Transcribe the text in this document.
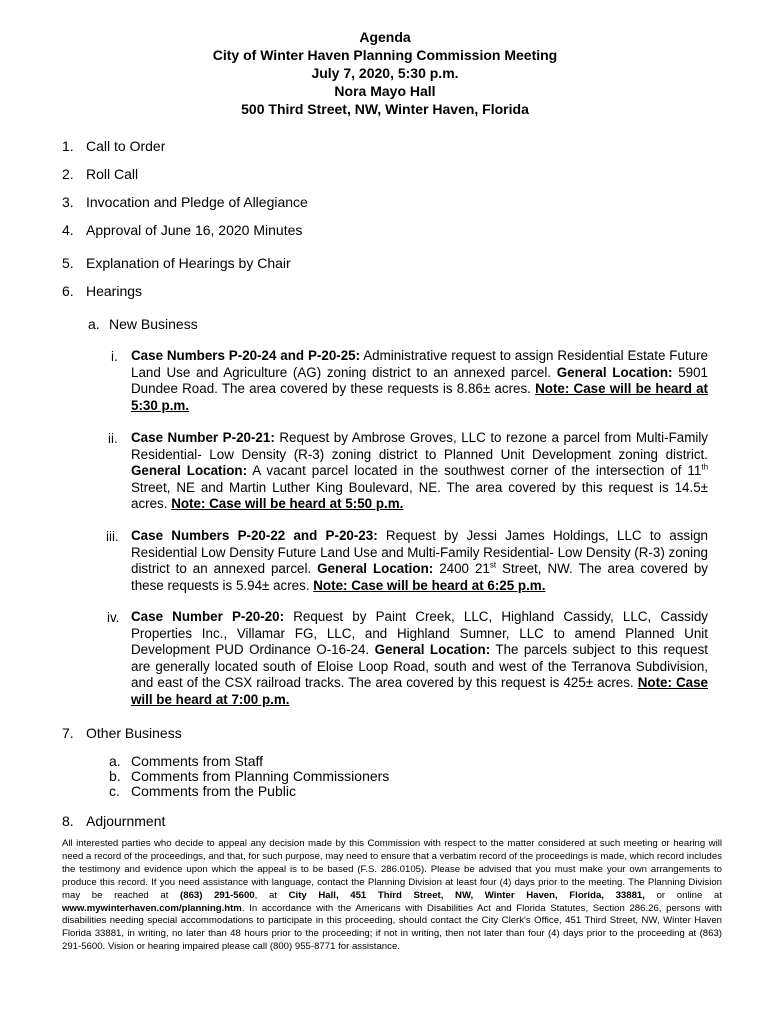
Agenda
City of Winter Haven Planning Commission Meeting
July 7, 2020, 5:30 p.m.
Nora Mayo Hall
500 Third Street, NW, Winter Haven, Florida
1. Call to Order
2. Roll Call
3. Invocation and Pledge of Allegiance
4. Approval of June 16, 2020 Minutes
5. Explanation of Hearings by Chair
6. Hearings
a. New Business
i. Case Numbers P-20-24 and P-20-25: Administrative request to assign Residential Estate Future Land Use and Agriculture (AG) zoning district to an annexed parcel. General Location: 5901 Dundee Road. The area covered by these requests is 8.86± acres. Note: Case will be heard at 5:30 p.m.
ii. Case Number P-20-21: Request by Ambrose Groves, LLC to rezone a parcel from Multi-Family Residential- Low Density (R-3) zoning district to Planned Unit Development zoning district. General Location: A vacant parcel located in the southwest corner of the intersection of 11th Street, NE and Martin Luther King Boulevard, NE. The area covered by this request is 14.5± acres. Note: Case will be heard at 5:50 p.m.
iii. Case Numbers P-20-22 and P-20-23: Request by Jessi James Holdings, LLC to assign Residential Low Density Future Land Use and Multi-Family Residential- Low Density (R-3) zoning district to an annexed parcel. General Location: 2400 21st Street, NW. The area covered by these requests is 5.94± acres. Note: Case will be heard at 6:25 p.m.
iv. Case Number P-20-20: Request by Paint Creek, LLC, Highland Cassidy, LLC, Cassidy Properties Inc., Villamar FG, LLC, and Highland Sumner, LLC to amend Planned Unit Development PUD Ordinance O-16-24. General Location: The parcels subject to this request are generally located south of Eloise Loop Road, south and west of the Terranova Subdivision, and east of the CSX railroad tracks. The area covered by this request is 425± acres. Note: Case will be heard at 7:00 p.m.
7. Other Business
a. Comments from Staff
b. Comments from Planning Commissioners
c. Comments from the Public
8. Adjournment
All interested parties who decide to appeal any decision made by this Commission with respect to the matter considered at such meeting or hearing will need a record of the proceedings, and that, for such purpose, may need to ensure that a verbatim record of the proceedings is made, which record includes the testimony and evidence upon which the appeal is to be based (F.S. 286.0105). Please be advised that you must make your own arrangements to produce this record. If you need assistance with language, contact the Planning Division at least four (4) days prior to the meeting. The Planning Division may be reached at (863) 291-5600, at City Hall, 451 Third Street, NW, Winter Haven, Florida, 33881, or online at www.mywinterhaven.com/planning.htm. In accordance with the Americans with Disabilities Act and Florida Statutes, Section 286.26, persons with disabilities needing special accommodations to participate in this proceeding, should contact the City Clerk's Office, 451 Third Street, NW, Winter Haven Florida 33881, in writing, no later than 48 hours prior to the proceeding; if not in writing, then not later than four (4) days prior to the proceeding at (863) 291-5600. Vision or hearing impaired please call (800) 955-8771 for assistance.
